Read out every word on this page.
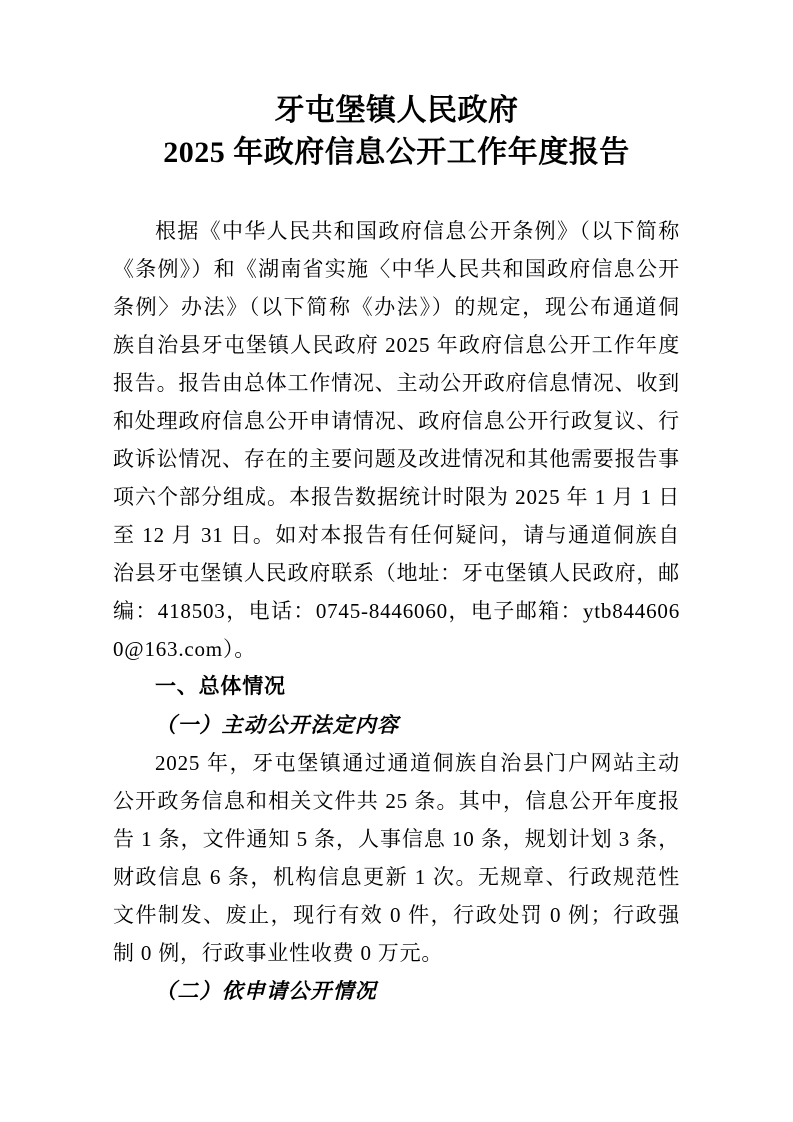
牙屯堡镇人民政府
2025 年政府信息公开工作年度报告

根据《中华人民共和国政府信息公开条例》（以下简称《条例》）和《湖南省实施〈中华人民共和国政府信息公开条例〉办法》（以下简称《办法》）的规定，现公布通道侗族自治县牙屯堡镇人民政府 2025 年政府信息公开工作年度报告。报告由总体工作情况、主动公开政府信息情况、收到和处理政府信息公开申请情况、政府信息公开行政复议、行政诉讼情况、存在的主要问题及改进情况和其他需要报告事项六个部分组成。本报告数据统计时限为 2025 年 1 月 1 日至 12 月 31 日。如对本报告有任何疑问，请与通道侗族自治县牙屯堡镇人民政府联系（地址：牙屯堡镇人民政府，邮编：418503，电话：0745-8446060，电子邮箱：ytb8446060@163.com）。

一、总体情况
（一）主动公开法定内容

2025 年，牙屯堡镇通过通道侗族自治县门户网站主动公开政务信息和相关文件共 25 条。其中，信息公开年度报告 1 条，文件通知 5 条，人事信息 10 条，规划计划 3 条，财政信息 6 条，机构信息更新 1 次。无规章、行政规范性文件制发、废止，现行有效 0 件，行政处罚 0 例；行政强制 0 例，行政事业性收费 0 万元。

（二）依申请公开情况
